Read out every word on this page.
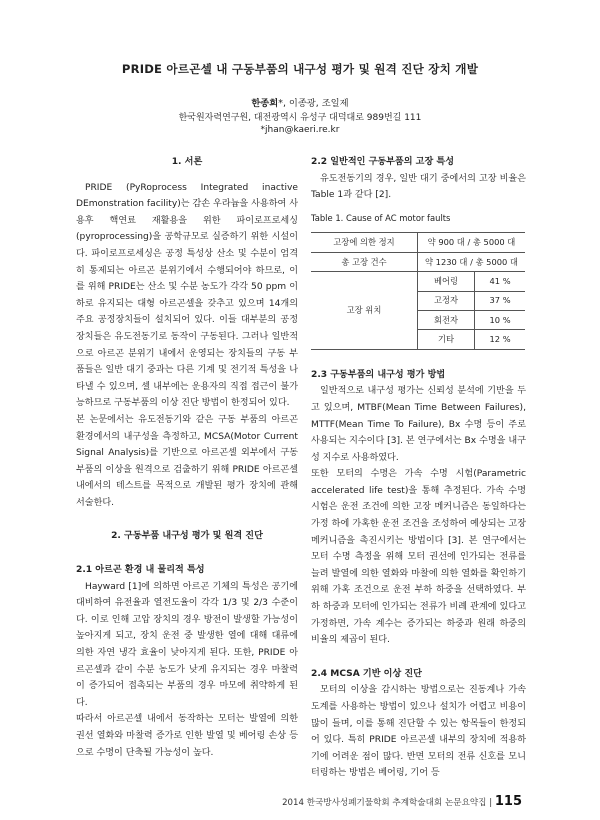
PRIDE 아르곤셀 내 구동부품의 내구성 평가 및 원격 진단 장치 개발
한종희*, 이종광, 조일제
한국원자력연구원, 대전광역시 유성구 대덕대로 989번길 111
*jhan@kaeri.re.kr
1. 서론

PRIDE (PyRoprocess Integrated inactive DEmonstration facility)는 감손 우라늄을 사용하여 사용후 핵연료 재활용을 위한 파이로프로세싱(pyroprocessing)을 공학규모로 실증하기 위한 시설이다. 파이로프로세싱은 공정 특성상 산소 및 수분이 엄격히 통제되는 아르곤 분위기에서 수행되어야 하므로, 이를 위해 PRIDE는 산소 및 수분 농도가 각각 50 ppm 이하로 유지되는 대형 아르곤셀을 갖추고 있으며 14개의 주요 공정장치들이 설치되어 있다. 이들 대부분의 공정장치들은 유도전동기로 동작이 구동된다. 그러나 일반적으로 아르곤 분위기 내에서 운영되는 장치들의 구동 부품들은 일반 대기 중과는 다른 기계 및 전기적 특성을 나타낼 수 있으며, 셀 내부에는 운용자의 직접 접근이 불가능하므로 구동부품의 이상 진단 방법이 한정되어 있다.

본 논문에서는 유도전동기와 같은 구동 부품의 아르곤 환경에서의 내구성을 측정하고, MCSA(Motor Current Signal Analysis)를 기반으로 아르곤셀 외부에서 구동부품의 이상을 원격으로 검출하기 위해 PRIDE 아르곤셀 내에서의 테스트를 목적으로 개발된 평가 장치에 관해 서술한다.

2. 구동부품 내구성 평가 및 원격 진단
2.1 아르곤 환경 내 물리적 특성

Hayward [1]에 의하면 아르곤 기체의 특성은 공기에 대비하여 유전율과 열전도율이 각각 1/3 및 2/3 수준이다. 이로 인해 고압 장치의 경우 방전이 발생할 가능성이 높아지게 되고, 장치 운전 중 발생한 열에 대해 대류에 의한 자연 냉각 효율이 낮아지게 된다. 또한, PRIDE 아르곤셀과 같이 수분 농도가 낮게 유지되는 경우 마찰력이 증가되어 접촉되는 부품의 경우 마모에 취약하게 된다.

따라서 아르곤셀 내에서 동작하는 모터는 발열에 의한 권선 열화와 마찰력 증가로 인한 발열 및 베어링 손상 등으로 수명이 단축될 가능성이 높다.

2.2 일반적인 구동부품의 고장 특성

유도전동기의 경우, 일반 대기 중에서의 고장 비율은 Table 1과 같다 [2].

Table 1. Cause of AC motor faults
고장에 의한 정지	약 900 대 / 총 5000 대	
총 고장 건수	약 1230 대 / 총 5000 대	
고장 위치	베어링	41 %
	고정자	37 %
	회전자	10 %
	기타	12 %
2.3 구동부품의 내구성 평가 방법

일반적으로 내구성 평가는 신뢰성 분석에 기반을 두고 있으며, MTBF(Mean Time Between Failures), MTTF(Mean Time To Failure), Bx 수명 등이 주로 사용되는 지수이다 [3]. 본 연구에서는 Bx 수명을 내구성 지수로 사용하였다.

또한 모터의 수명은 가속 수명 시험(Parametric accelerated life test)을 통해 추정된다. 가속 수명 시험은 운전 조건에 의한 고장 메커니즘은 동일하다는 가정 하에 가혹한 운전 조건을 조성하여 예상되는 고장 메커니즘을 촉진시키는 방법이다 [3]. 본 연구에서는 모터 수명 측정을 위해 모터 권선에 인가되는 전류를 늘려 발열에 의한 열화와 마찰에 의한 열화를 확인하기 위해 가혹 조건으로 운전 부하 하중을 선택하였다. 부하 하중과 모터에 인가되는 전류가 비례 관계에 있다고 가정하면, 가속 계수는 증가되는 하중과 원래 하중의 비율의 제곱이 된다.

2.4 MCSA 기반 이상 진단

모터의 이상을 감시하는 방법으로는 진동계나 가속도계를 사용하는 방법이 있으나 설치가 어렵고 비용이 많이 들며, 이를 통해 진단할 수 있는 항목들이 한정되어 있다. 특히 PRIDE 아르곤셀 내부의 장치에 적용하기에 어려운 점이 많다. 반면 모터의 전류 신호를 모니터링하는 방법은 베어링, 기어 등

2014 한국방사성폐기물학회 추계학술대회 논문요약집 | 115
